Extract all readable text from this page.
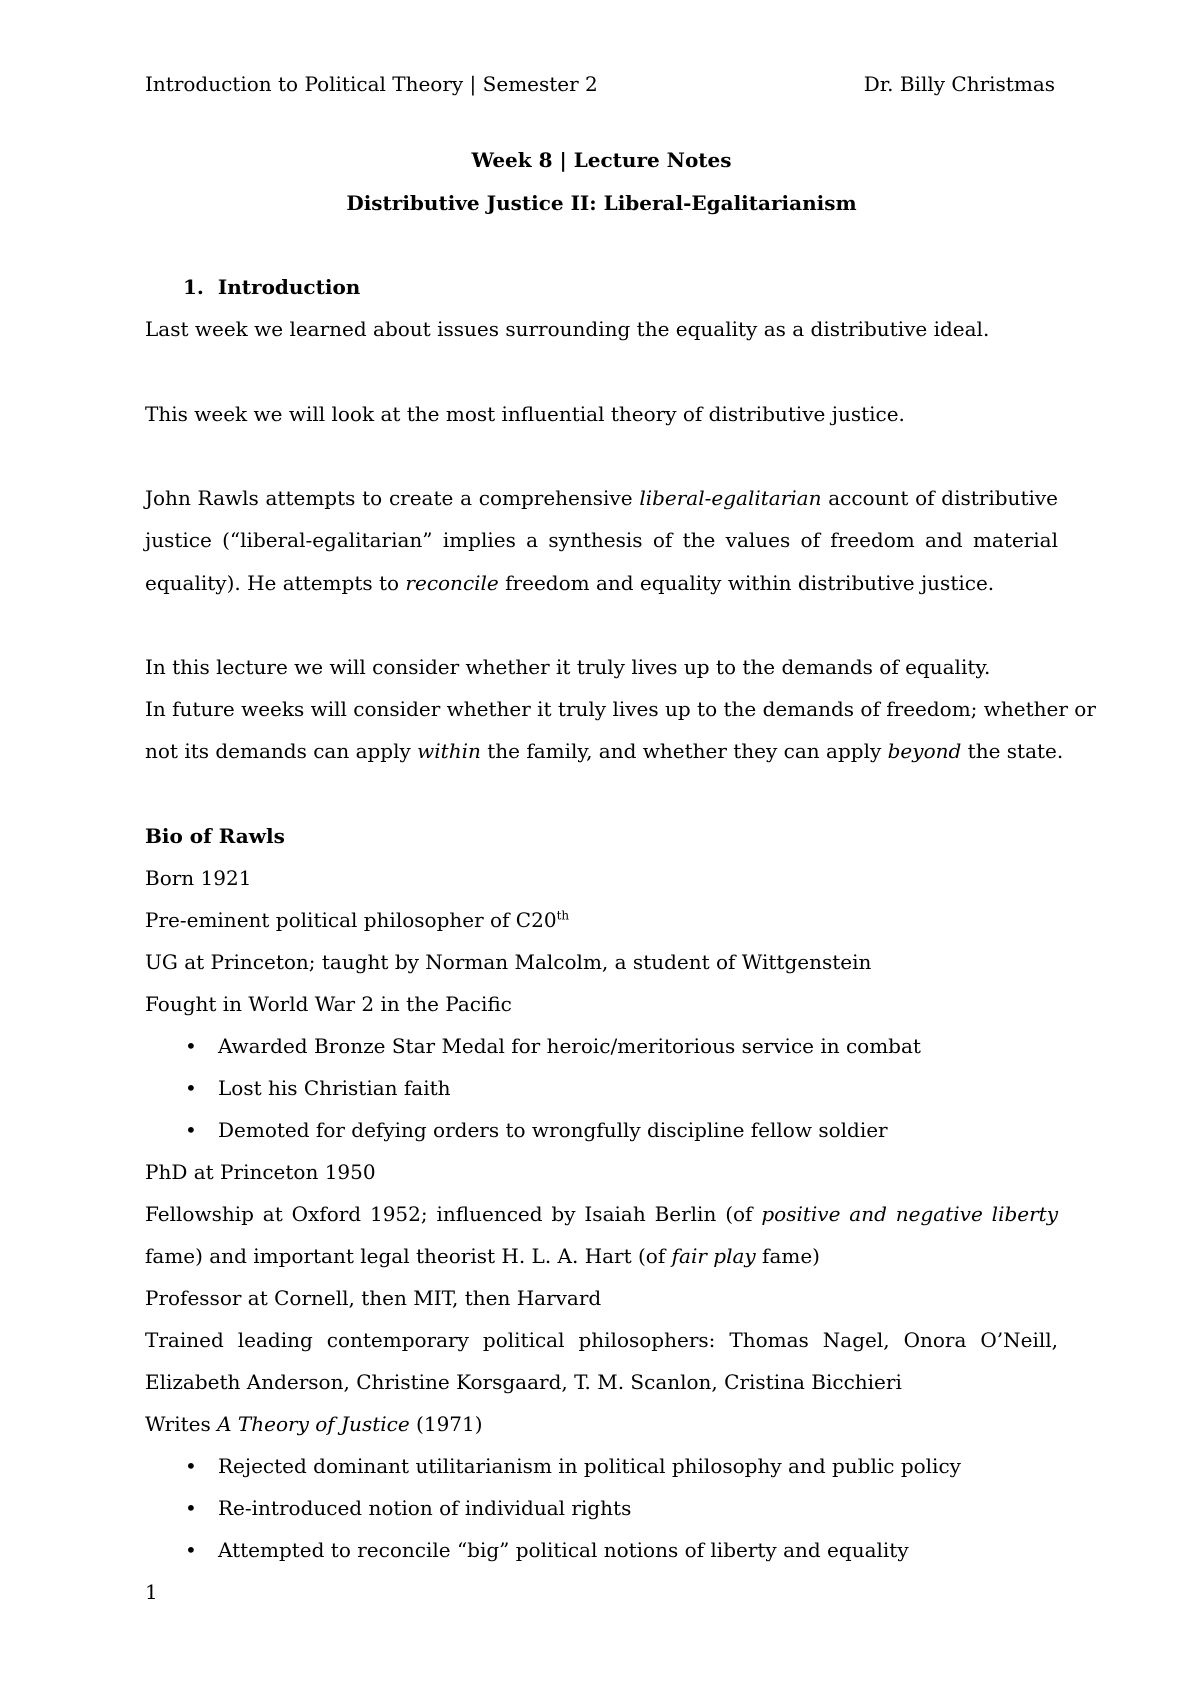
Introduction to Political Theory | Semester 2	Dr. Billy Christmas
Week 8 | Lecture Notes
Distributive Justice II: Liberal-Egalitarianism
1. Introduction
Last week we learned about issues surrounding the equality as a distributive ideal.
This week we will look at the most influential theory of distributive justice.
John Rawls attempts to create a comprehensive liberal-egalitarian account of distributive
justice (“liberal-egalitarian” implies a synthesis of the values of freedom and material
equality). He attempts to reconcile freedom and equality within distributive justice.
In this lecture we will consider whether it truly lives up to the demands of equality.
In future weeks will consider whether it truly lives up to the demands of freedom; whether or
not its demands can apply within the family, and whether they can apply beyond the state.
Bio of Rawls
Born 1921
Pre-eminent political philosopher of C20th
UG at Princeton; taught by Norman Malcolm, a student of Wittgenstein
Fought in World War 2 in the Pacific
• Awarded Bronze Star Medal for heroic/meritorious service in combat
• Lost his Christian faith
• Demoted for defying orders to wrongfully discipline fellow soldier
PhD at Princeton 1950
Fellowship at Oxford 1952; influenced by Isaiah Berlin (of positive and negative liberty
fame) and important legal theorist H. L. A. Hart (of fair play fame)
Professor at Cornell, then MIT, then Harvard
Trained leading contemporary political philosophers: Thomas Nagel, Onora O’Neill,
Elizabeth Anderson, Christine Korsgaard, T. M. Scanlon, Cristina Bicchieri
Writes A Theory of Justice (1971)
• Rejected dominant utilitarianism in political philosophy and public policy
• Re-introduced notion of individual rights
• Attempted to reconcile “big” political notions of liberty and equality
1
